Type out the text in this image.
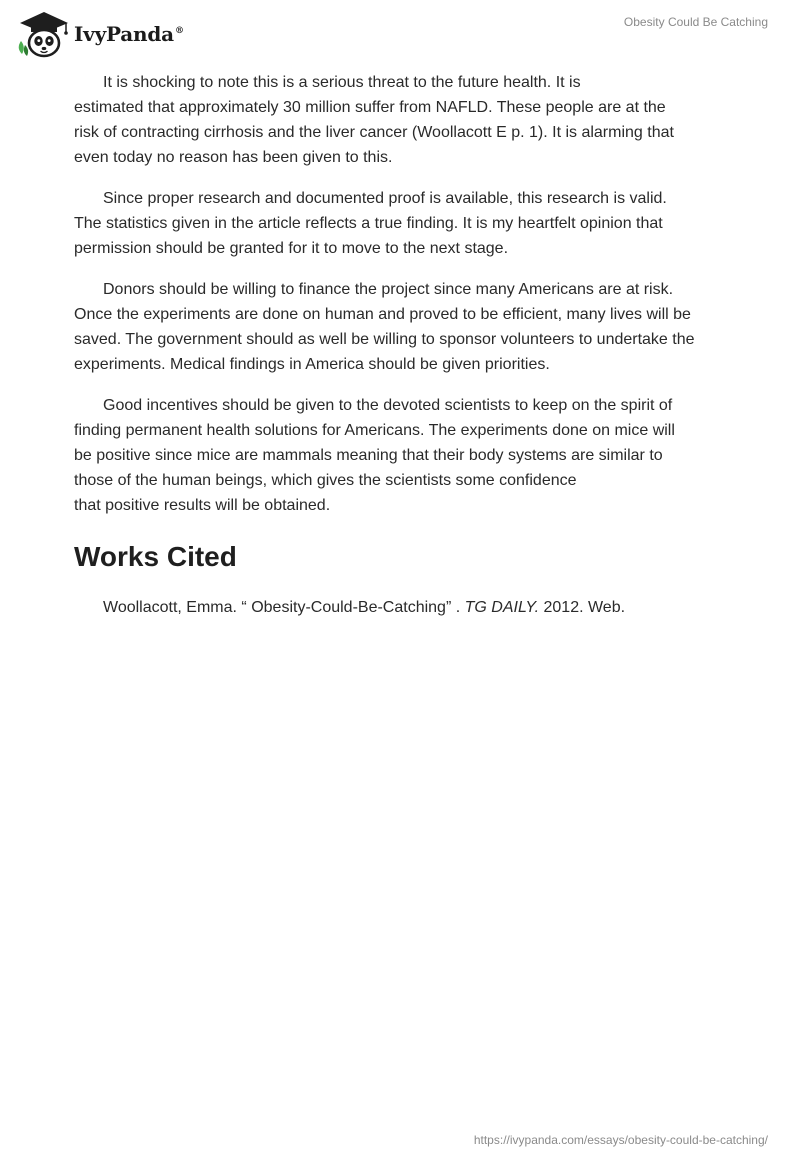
IvyPanda®
Obesity Could Be Catching

It is shocking to note this is a serious threat to the future health. It is
estimated that approximately 30 million suffer from NAFLD. These people are at the
risk of contracting cirrhosis and the liver cancer (Woollacott E p. 1). It is alarming that
even today no reason has been given to this.

Since proper research and documented proof is available, this research is valid.
The statistics given in the article reflects a true finding. It is my heartfelt opinion that
permission should be granted for it to move to the next stage.

Donors should be willing to finance the project since many Americans are at risk.
Once the experiments are done on human and proved to be efficient, many lives will be
saved. The government should as well be willing to sponsor volunteers to undertake the
experiments. Medical findings in America should be given priorities.

Good incentives should be given to the devoted scientists to keep on the spirit of
finding permanent health solutions for Americans. The experiments done on mice will
be positive since mice are mammals meaning that their body systems are similar to
those of the human beings, which gives the scientists some confidence
that positive results will be obtained.

Works Cited
Woollacott, Emma. “ Obesity-Could-Be-Catching” . TG DAILY. 2012. Web.
https://ivypanda.com/essays/obesity-could-be-catching/
